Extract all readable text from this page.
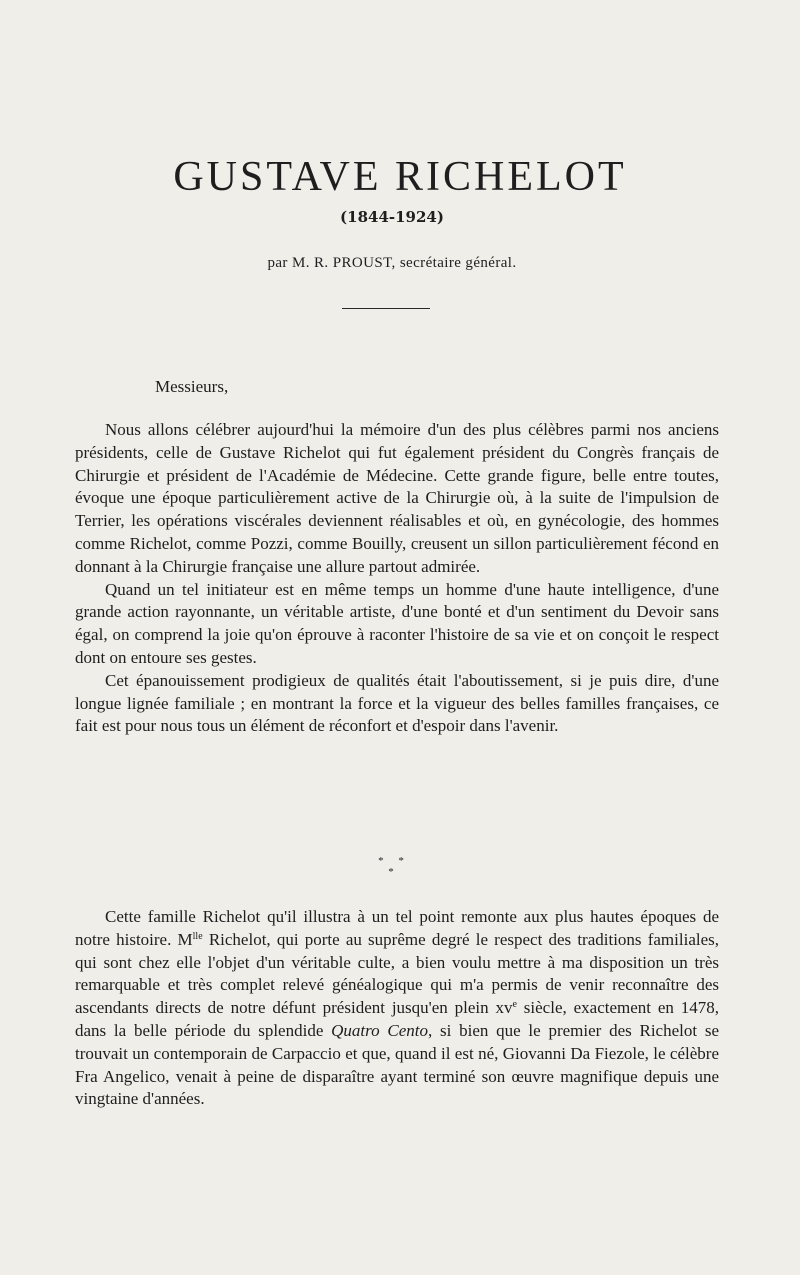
GUSTAVE RICHELOT
(1844-1924)
par M. R. PROUST, secrétaire général.
Messieurs,

Nous allons célébrer aujourd'hui la mémoire d'un des plus célèbres parmi nos anciens présidents, celle de Gustave Richelot qui fut également président du Congrès français de Chirurgie et président de l'Académie de Médecine. Cette grande figure, belle entre toutes, évoque une époque particulièrement active de la Chirurgie où, à la suite de l'impulsion de Terrier, les opérations viscérales deviennent réalisables et où, en gynécologie, des hommes comme Richelot, comme Pozzi, comme Bouilly, creusent un sillon particulièrement fécond en donnant à la Chirurgie française une allure partout admirée.

Quand un tel initiateur est en même temps un homme d'une haute intelligence, d'une grande action rayonnante, un véritable artiste, d'une bonté et d'un sentiment du Devoir sans égal, on comprend la joie qu'on éprouve à raconter l'histoire de sa vie et on conçoit le respect dont on entoure ses gestes.

Cet épanouissement prodigieux de qualités était l'aboutissement, si je puis dire, d'une longue lignée familiale ; en montrant la force et la vigueur des belles familles françaises, ce fait est pour nous tous un élément de réconfort et d'espoir dans l'avenir.

* *
*

Cette famille Richelot qu'il illustra à un tel point remonte aux plus hautes époques de notre histoire. $M^{lle}$ Richelot, qui porte au suprême degré le respect des traditions familiales, qui sont chez elle l'objet d'un véritable culte, a bien voulu mettre à ma disposition un très remarquable et très complet relevé généalogique qui m'a permis de venir reconnaître des ascendants directs de notre défunt président jusqu'en plein $xv^e$ siècle, exactement en 1478, dans la belle période du splendide Quatro Cento, si bien que le premier des Richelot se trouvait un contemporain de Carpaccio et que, quand il est né, Giovanni Da Fiezole, le célèbre Fra Angelico, venait à peine de disparaître ayant terminé son œuvre magnifique depuis une vingtaine d'années.
